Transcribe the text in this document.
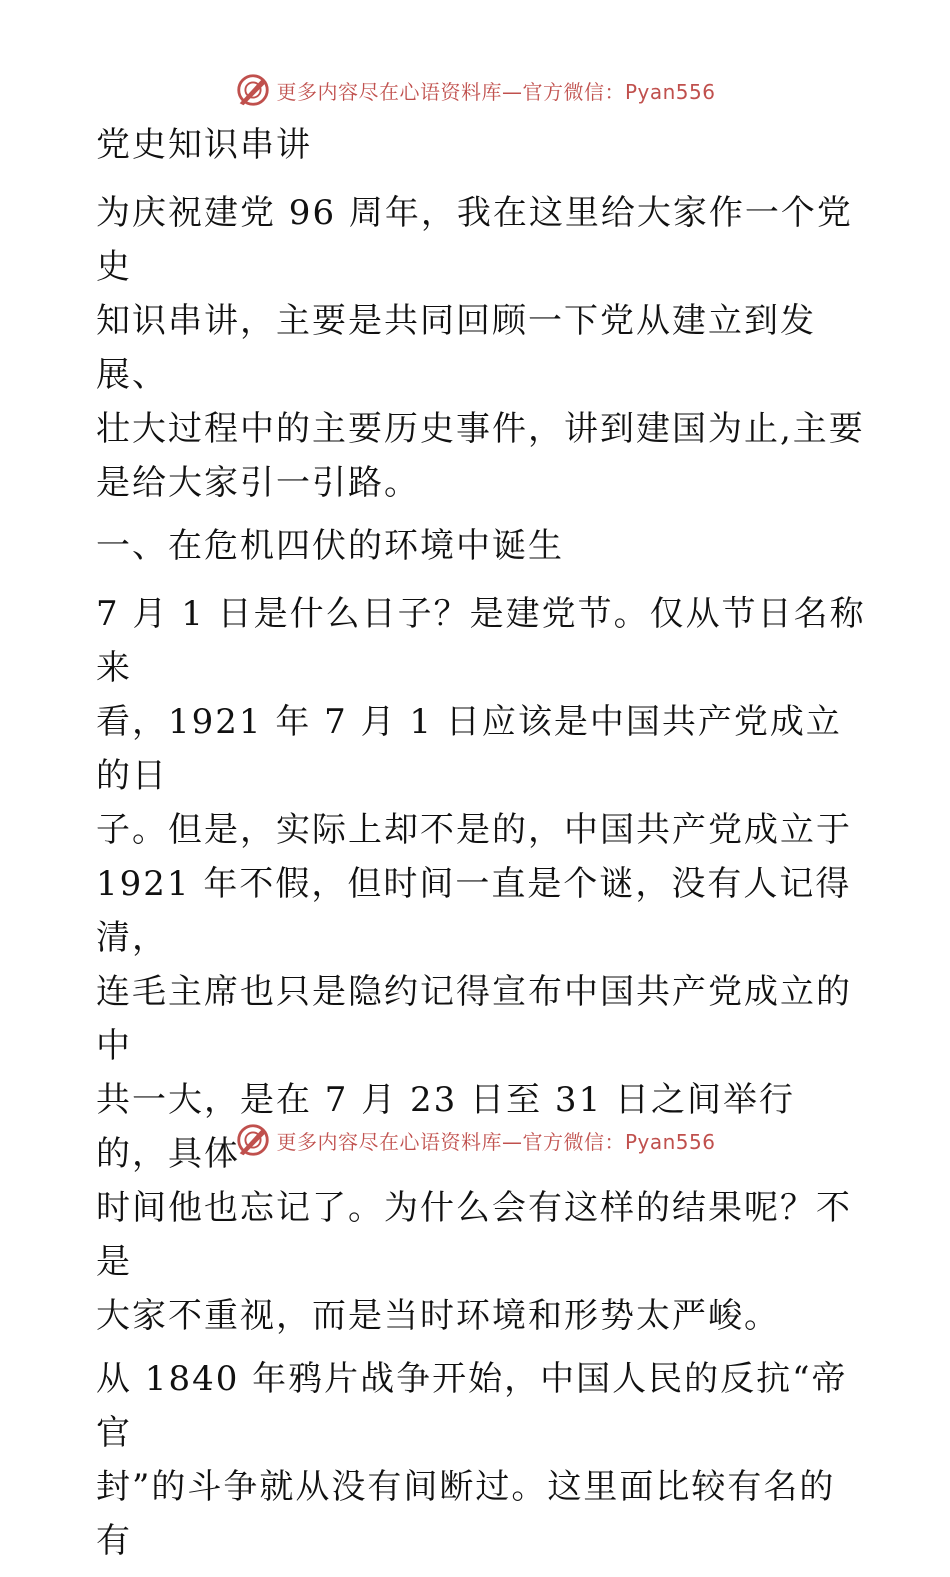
更多内容尽在心语资料库—官方微信：Pyan556
党史知识串讲
为庆祝建党 96 周年，我在这里给大家作一个党史
知识串讲，主要是共同回顾一下党从建立到发展、
壮大过程中的主要历史事件，讲到建国为止,主要
是给大家引一引路。
一、在危机四伏的环境中诞生
7 月 1 日是什么日子？是建党节。仅从节日名称来
看，1921 年 7 月 1 日应该是中国共产党成立的日
子。但是，实际上却不是的，中国共产党成立于
1921 年不假，但时间一直是个谜，没有人记得清，
连毛主席也只是隐约记得宣布中国共产党成立的中
共一大，是在 7 月 23 日至 31 日之间举行的，具体
时间他也忘记了。为什么会有这样的结果呢？不是
大家不重视，而是当时环境和形势太严峻。
从 1840 年鸦片战争开始，中国人民的反抗“帝官
封”的斗争就从没有间断过。这里面比较有名的有
更多内容尽在心语资料库—官方微信：Pyan556
